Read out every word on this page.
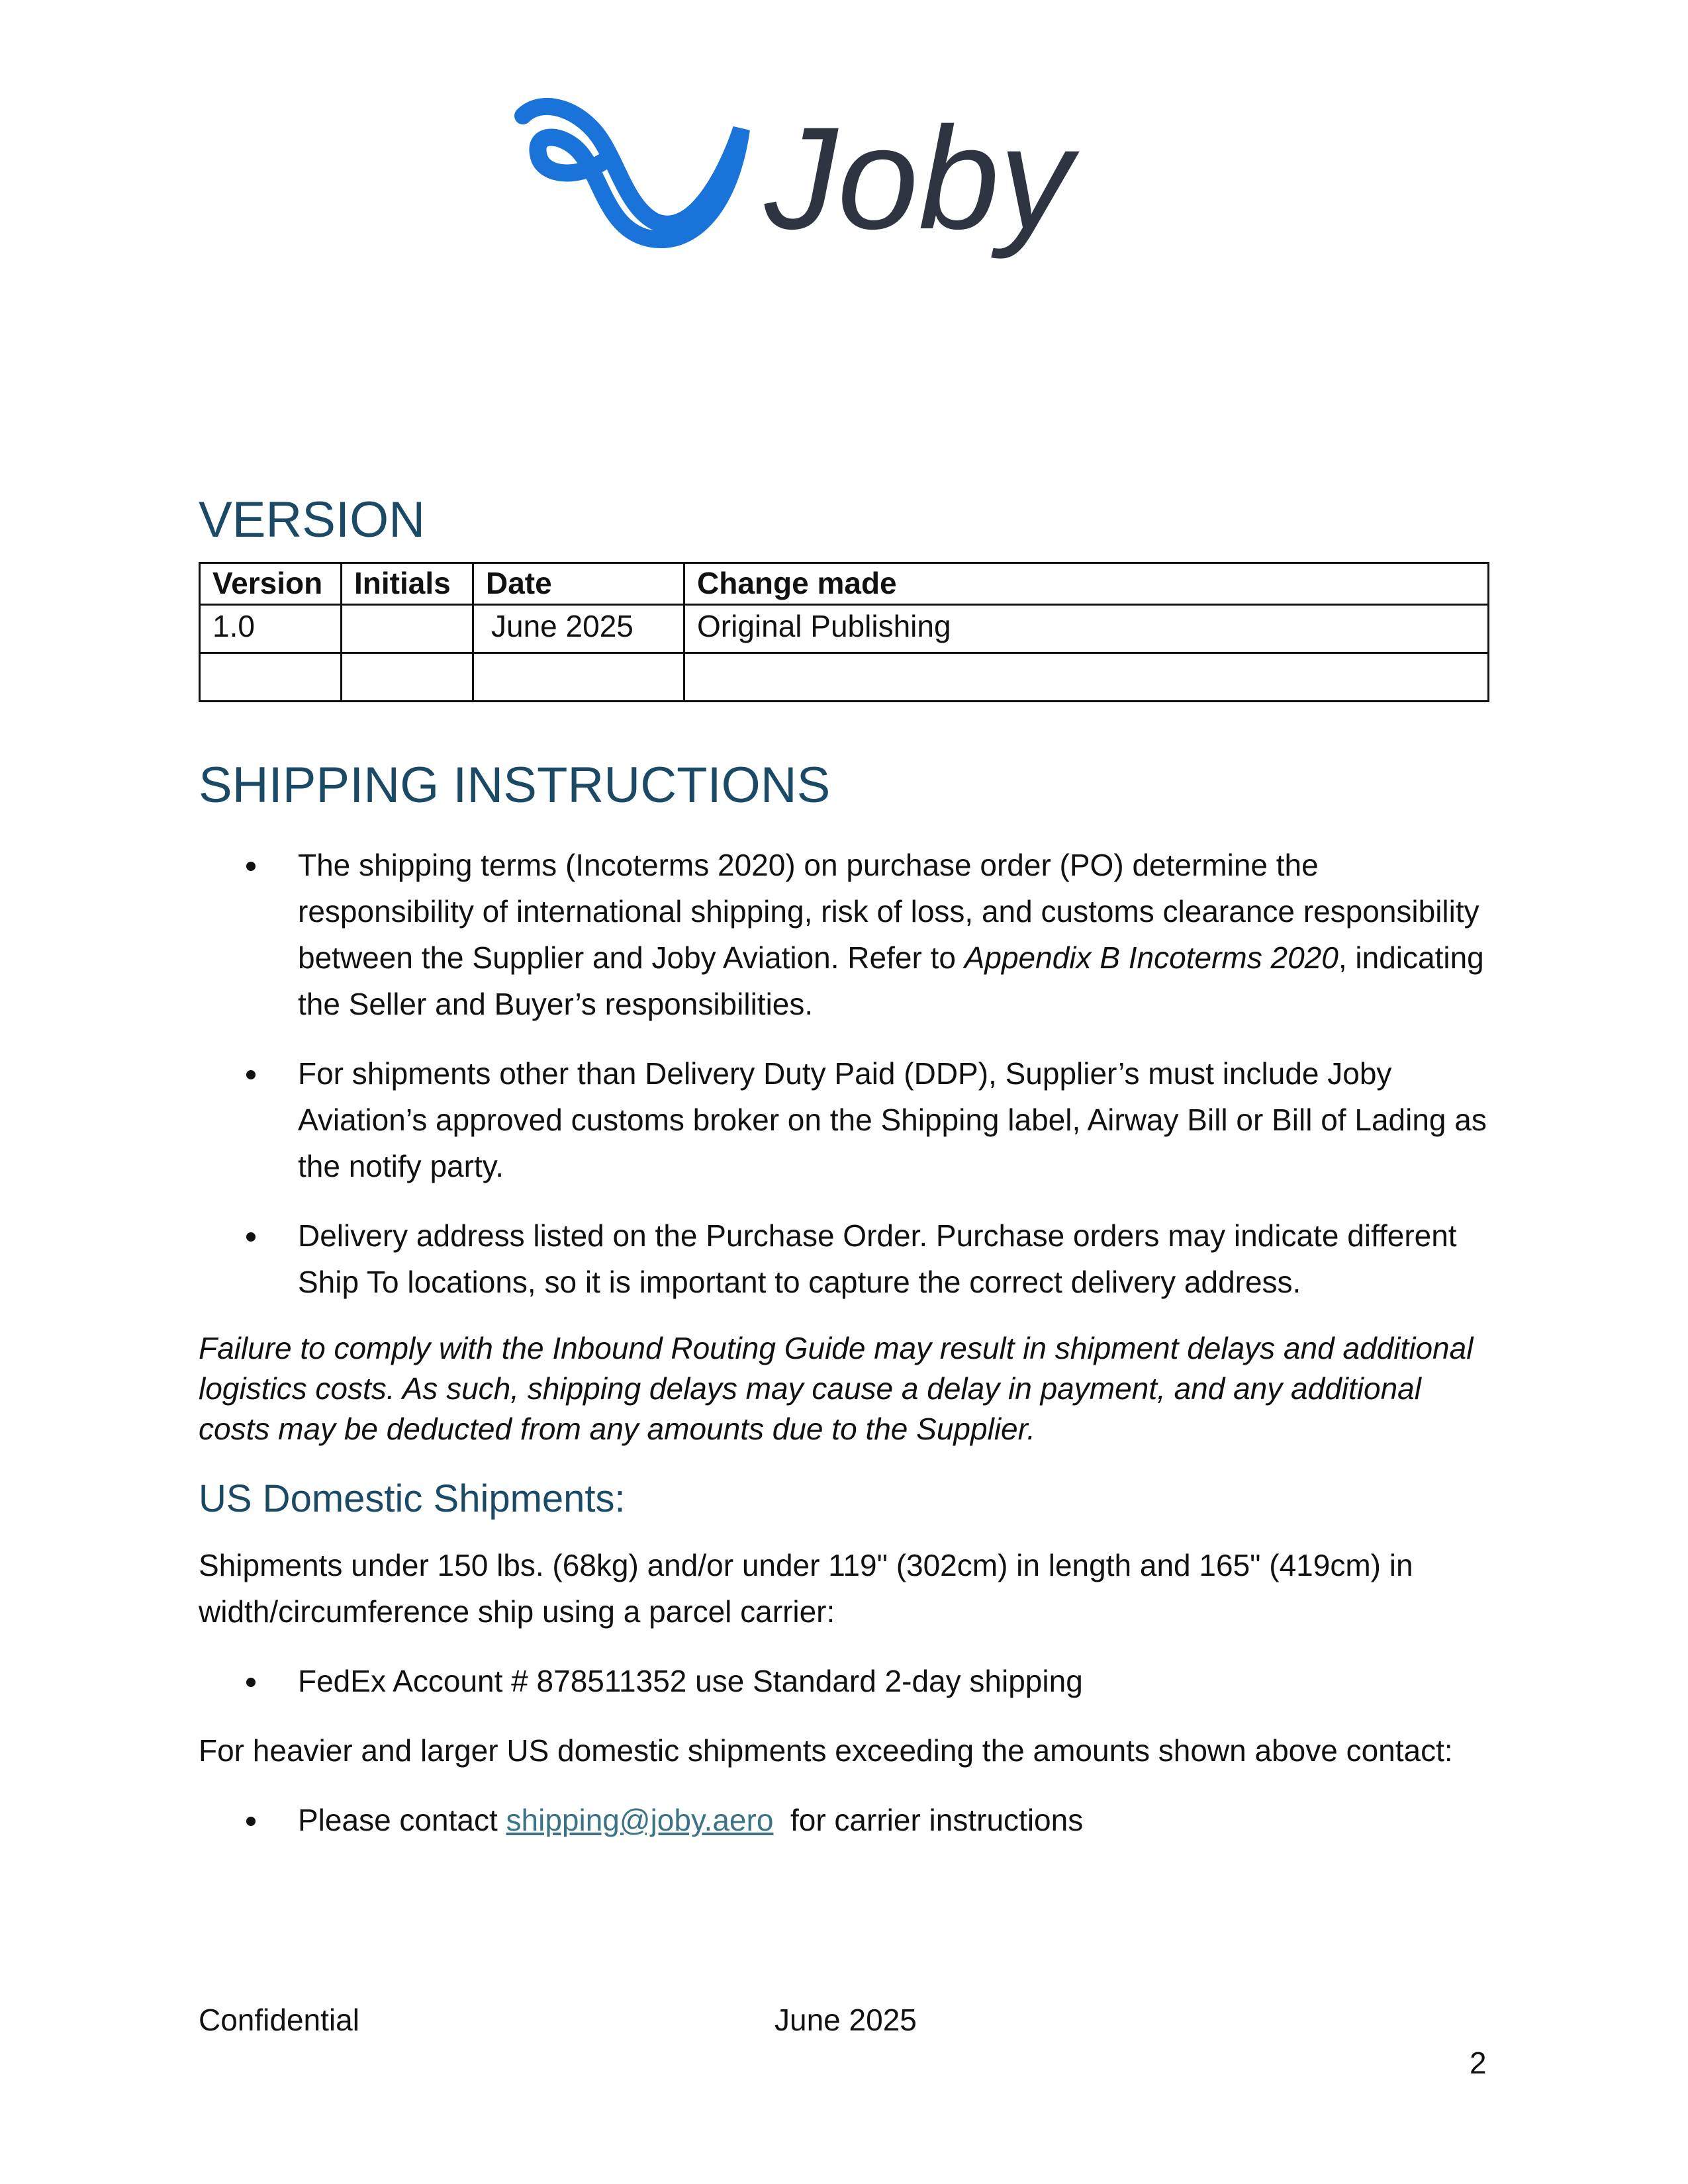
Joby
VERSION
Version	Initials	Date	Change made
1.0		June 2025	Original Publishing

SHIPPING INSTRUCTIONS
The shipping terms (Incoterms 2020) on purchase order (PO) determine the responsibility of international shipping, risk of loss, and customs clearance responsibility between the Supplier and Joby Aviation. Refer to Appendix B Incoterms 2020, indicating the Seller and Buyer’s responsibilities.
For shipments other than Delivery Duty Paid (DDP), Supplier’s must include Joby Aviation’s approved customs broker on the Shipping label, Airway Bill or Bill of Lading as the notify party.
Delivery address listed on the Purchase Order. Purchase orders may indicate different Ship To locations, so it is important to capture the correct delivery address.

Failure to comply with the Inbound Routing Guide may result in shipment delays and additional logistics costs. As such, shipping delays may cause a delay in payment, and any additional costs may be deducted from any amounts due to the Supplier.

US Domestic Shipments:

Shipments under 150 lbs. (68kg) and/or under 119" (302cm) in length and 165" (419cm) in width/circumference ship using a parcel carrier:

FedEx Account # 878511352 use Standard 2-day shipping

For heavier and larger US domestic shipments exceeding the amounts shown above contact:

Please contact shipping@joby.aero  for carrier instructions
Confidential	June 2025
2
